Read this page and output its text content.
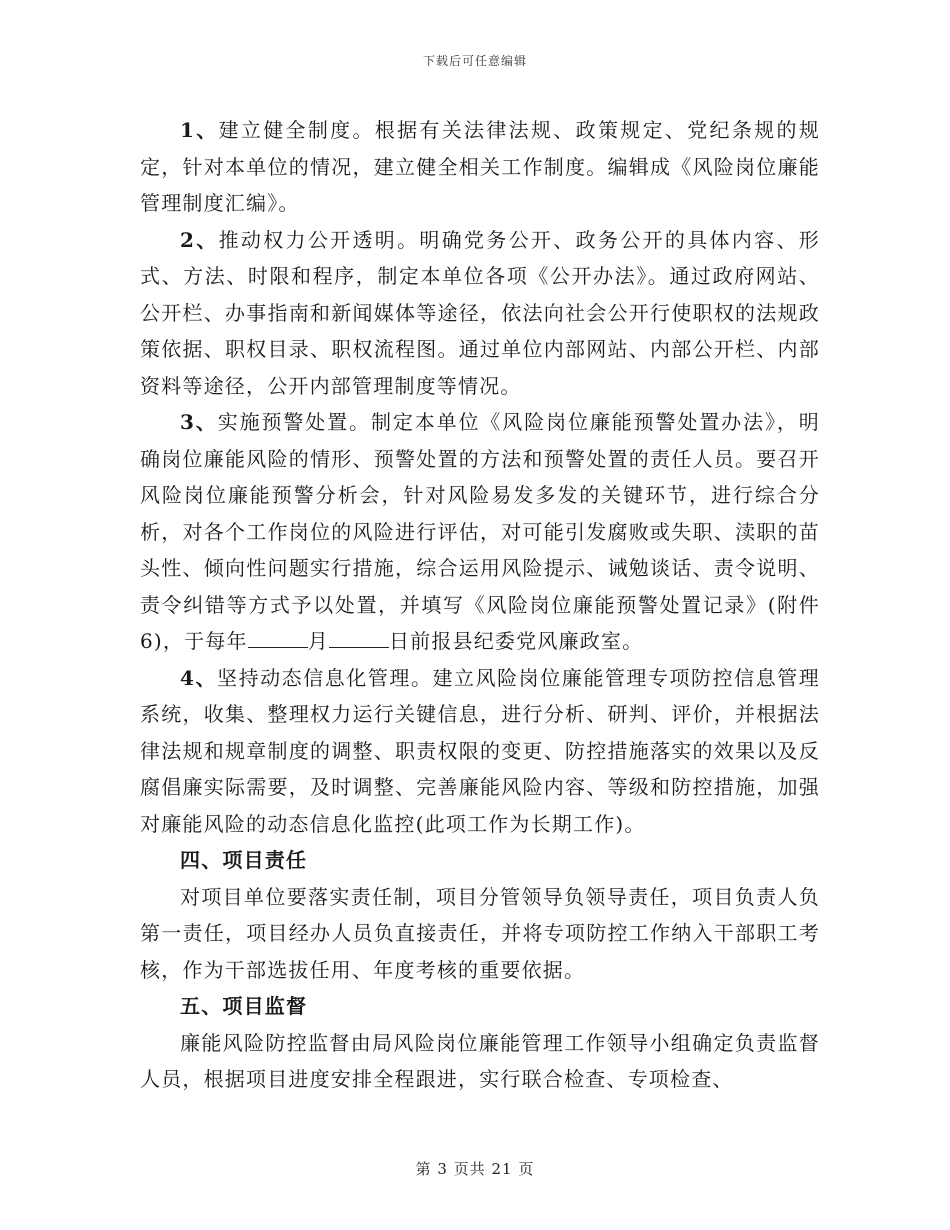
下载后可任意编辑

1、建立健全制度。根据有关法律法规、政策规定、党纪条规的规定，针对本单位的情况，建立健全相关工作制度。编辑成《风险岗位廉能管理制度汇编》。

2、推动权力公开透明。明确党务公开、政务公开的具体内容、形式、方法、时限和程序，制定本单位各项《公开办法》。通过政府网站、公开栏、办事指南和新闻媒体等途径，依法向社会公开行使职权的法规政策依据、职权目录、职权流程图。通过单位内部网站、内部公开栏、内部资料等途径，公开内部管理制度等情况。

3、实施预警处置。制定本单位《风险岗位廉能预警处置办法》，明确岗位廉能风险的情形、预警处置的方法和预警处置的责任人员。要召开风险岗位廉能预警分析会，针对风险易发多发的关键环节，进行综合分析，对各个工作岗位的风险进行评估，对可能引发腐败或失职、渎职的苗头性、倾向性问题实行措施，综合运用风险提示、诫勉谈话、责令说明、责令纠错等方式予以处置，并填写《风险岗位廉能预警处置记录》(附件6)，于每年	月	日前报县纪委党风廉政室。

4、坚持动态信息化管理。建立风险岗位廉能管理专项防控信息管理系统，收集、整理权力运行关键信息，进行分析、研判、评价，并根据法律法规和规章制度的调整、职责权限的变更、防控措施落实的效果以及反腐倡廉实际需要，及时调整、完善廉能风险内容、等级和防控措施，加强对廉能风险的动态信息化监控(此项工作为长期工作)。

四、项目责任

对项目单位要落实责任制，项目分管领导负领导责任，项目负责人负第一责任，项目经办人员负直接责任，并将专项防控工作纳入干部职工考核，作为干部选拔任用、年度考核的重要依据。

五、项目监督

廉能风险防控监督由局风险岗位廉能管理工作领导小组确定负责监督人员，根据项目进度安排全程跟进，实行联合检查、专项检查、

第 3 页共 21 页
